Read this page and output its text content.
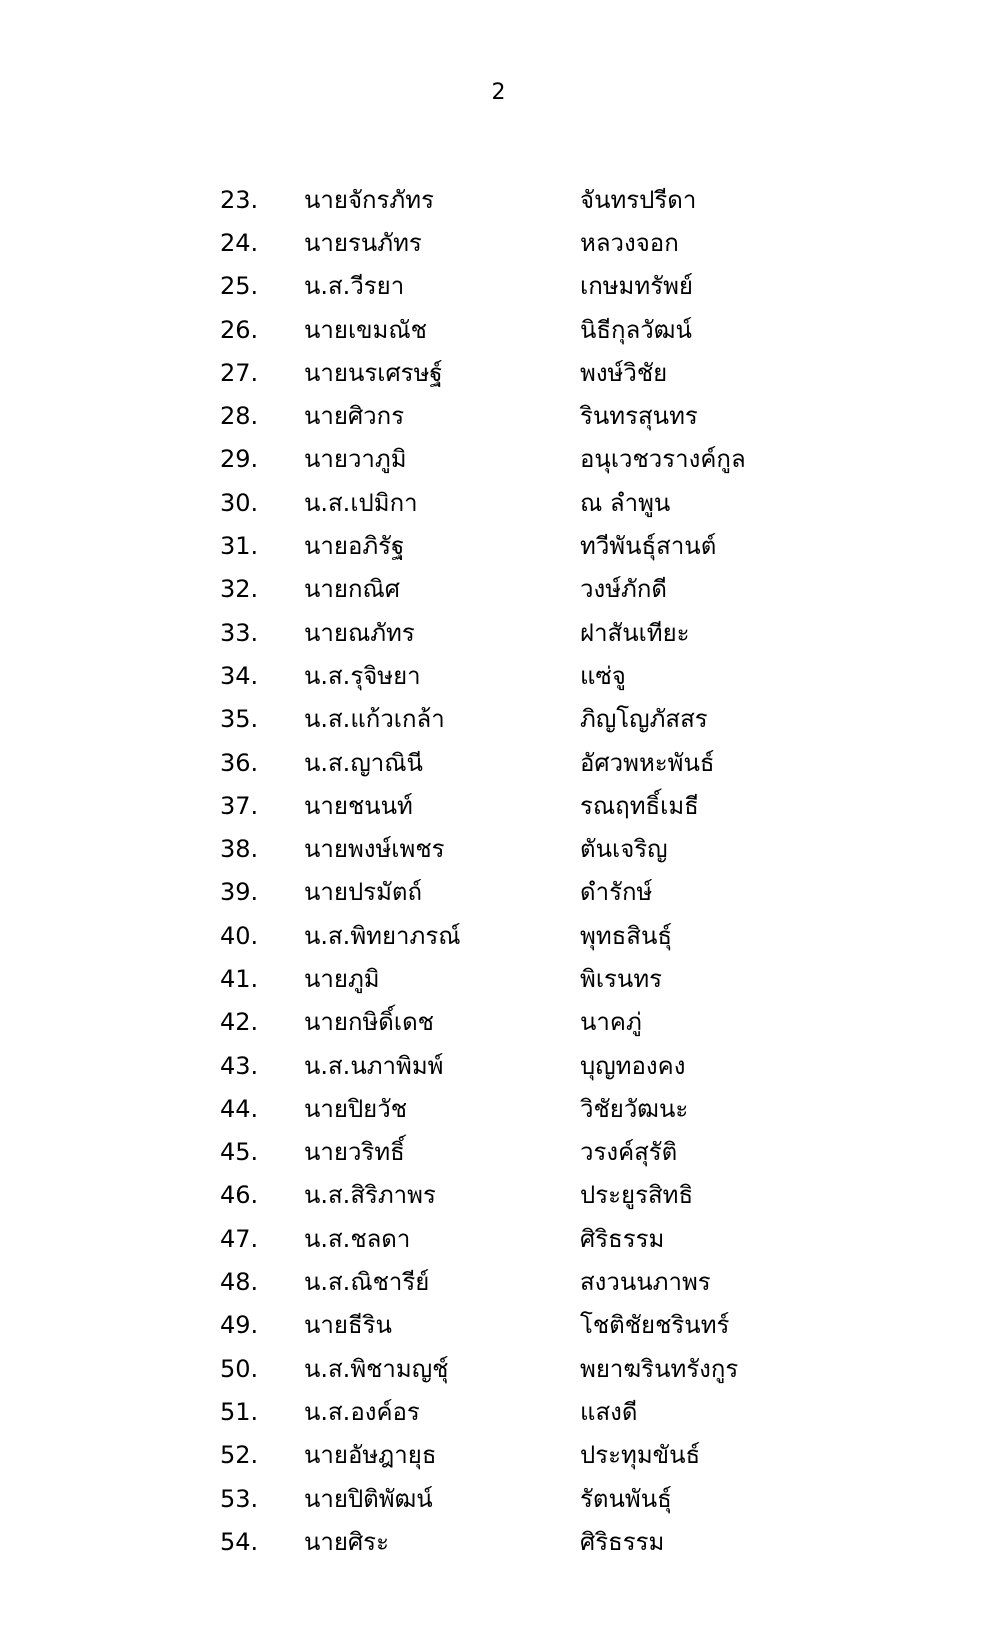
2
23.	นายจักรภัทร	จันทรปรีดา
24.	นายรนภัทร	หลวงจอก
25.	น.ส.วีรยา	เกษมทรัพย์
26.	นายเขมณัช	นิธีกุลวัฒน์
27.	นายนรเศรษฐ์	พงษ์วิชัย
28.	นายศิวกร	รินทรสุนทร
29.	นายวาภูมิ	อนุเวชวรางค์กูล
30.	น.ส.เปมิกา	ณ ลำพูน
31.	นายอภิรัฐ	ทวีพันธุ์สานต์
32.	นายกณิศ	วงษ์ภักดี
33.	นายณภัทร	ฝาสันเทียะ
34.	น.ส.รุจิษยา	แซ่จู
35.	น.ส.แก้วเกล้า	ภิญโญภัสสร
36.	น.ส.ญาณินี	อัศวพหะพันธ์
37.	นายชนนท์	รณฤทธิ์เมธี
38.	นายพงษ์เพชร	ตันเจริญ
39.	นายปรมัตถ์	ดำรักษ์
40.	น.ส.พิทยาภรณ์	พุทธสินธุ์
41.	นายภูมิ	พิเรนทร
42.	นายกษิดิ์เดช	นาคภู่
43.	น.ส.นภาพิมพ์	บุญทองคง
44.	นายปิยวัช	วิชัยวัฒนะ
45.	นายวริทธิ์	วรงค์สุรัติ
46.	น.ส.สิริภาพร	ประยูรสิทธิ
47.	น.ส.ชลดา	ศิริธรรม
48.	น.ส.ณิชารีย์	สงวนนภาพร
49.	นายธีริน	โชติชัยชรินทร์
50.	น.ส.พิชามญชุ์	พยาฆรินทรังกูร
51.	น.ส.องค์อร	แสงดี
52.	นายอัษฎายุธ	ประทุมขันธ์
53.	นายปิติพัฒน์	รัตนพันธุ์
54.	นายศิระ	ศิริธรรม
